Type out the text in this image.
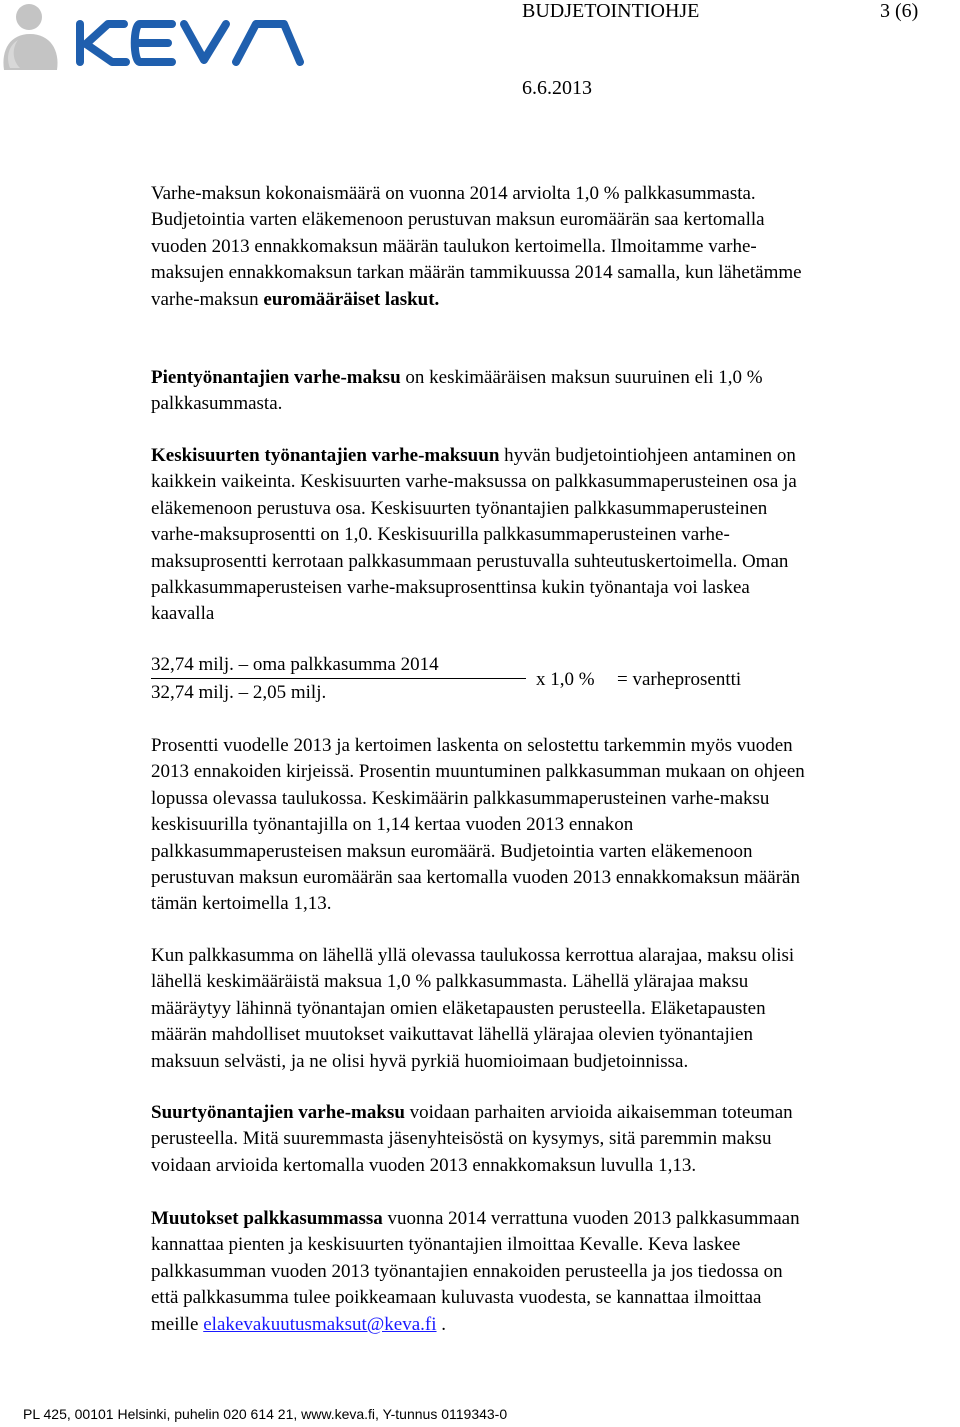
BUDJETOINTIOHJE	3 (6)
6.6.2013
Varhe-maksun kokonaismäärä on vuonna 2014 arviolta 1,0 % palkkasummasta.
Budjetointia varten eläkemenoon perustuvan maksun euromäärän saa kertomalla
vuoden 2013 ennakkomaksun määrän taulukon kertoimella. Ilmoitamme varhe-
maksujen ennakkomaksun tarkan määrän tammikuussa 2014 samalla, kun lähetämme
varhe-maksun euromääräiset laskut.
Pientyönantajien varhe-maksu on keskimääräisen maksun suuruinen eli 1,0 %
palkkasummasta.
Keskisuurten työnantajien varhe-maksuun hyvän budjetointiohjeen antaminen on
kaikkein vaikeinta. Keskisuurten varhe-maksussa on palkkasummaperusteinen osa ja
eläkemenoon perustuva osa. Keskisuurten työnantajien palkkasummaperusteinen
varhe-maksuprosentti on 1,0. Keskisuurilla palkkasummaperusteinen varhe-
maksuprosentti kerrotaan palkkasummaan perustuvalla suhteutuskertoimella. Oman
palkkasummaperusteisen varhe-maksuprosenttinsa kukin työnantaja voi laskea
kaavalla
32,74 milj. – oma palkkasumma 2014
32,74 milj. – 2,05 milj.
x 1,0 % = varheprosentti
Prosentti vuodelle 2013 ja kertoimen laskenta on selostettu tarkemmin myös vuoden
2013 ennakoiden kirjeissä. Prosentin muuntuminen palkkasumman mukaan on ohjeen
lopussa olevassa taulukossa. Keskimäärin palkkasummaperusteinen varhe-maksu
keskisuurilla työnantajilla on 1,14 kertaa vuoden 2013 ennakon
palkkasummaperusteisen maksun euromäärä. Budjetointia varten eläkemenoon
perustuvan maksun euromäärän saa kertomalla vuoden 2013 ennakkomaksun määrän
tämän kertoimella 1,13.
Kun palkkasumma on lähellä yllä olevassa taulukossa kerrottua alarajaa, maksu olisi
lähellä keskimääräistä maksua 1,0 % palkkasummasta. Lähellä ylärajaa maksu
määräytyy lähinnä työnantajan omien eläketapausten perusteella. Eläketapausten
määrän mahdolliset muutokset vaikuttavat lähellä ylärajaa olevien työnantajien
maksuun selvästi, ja ne olisi hyvä pyrkiä huomioimaan budjetoinnissa.
Suurtyönantajien varhe-maksu voidaan parhaiten arvioida aikaisemman toteuman
perusteella. Mitä suuremmasta jäsenyhteisöstä on kysymys, sitä paremmin maksu
voidaan arvioida kertomalla vuoden 2013 ennakkomaksun luvulla 1,13.
Muutokset palkkasummassa vuonna 2014 verrattuna vuoden 2013 palkkasummaan
kannattaa pienten ja keskisuurten työnantajien ilmoittaa Kevalle. Keva laskee
palkkasumman vuoden 2013 työnantajien ennakoiden perusteella ja jos tiedossa on
että palkkasumma tulee poikkeamaan kuluvasta vuodesta, se kannattaa ilmoittaa
meille elakevakuutusmaksut@keva.fi .
PL 425, 00101 Helsinki, puhelin 020 614 21, www.keva.fi, Y-tunnus 0119343-0
